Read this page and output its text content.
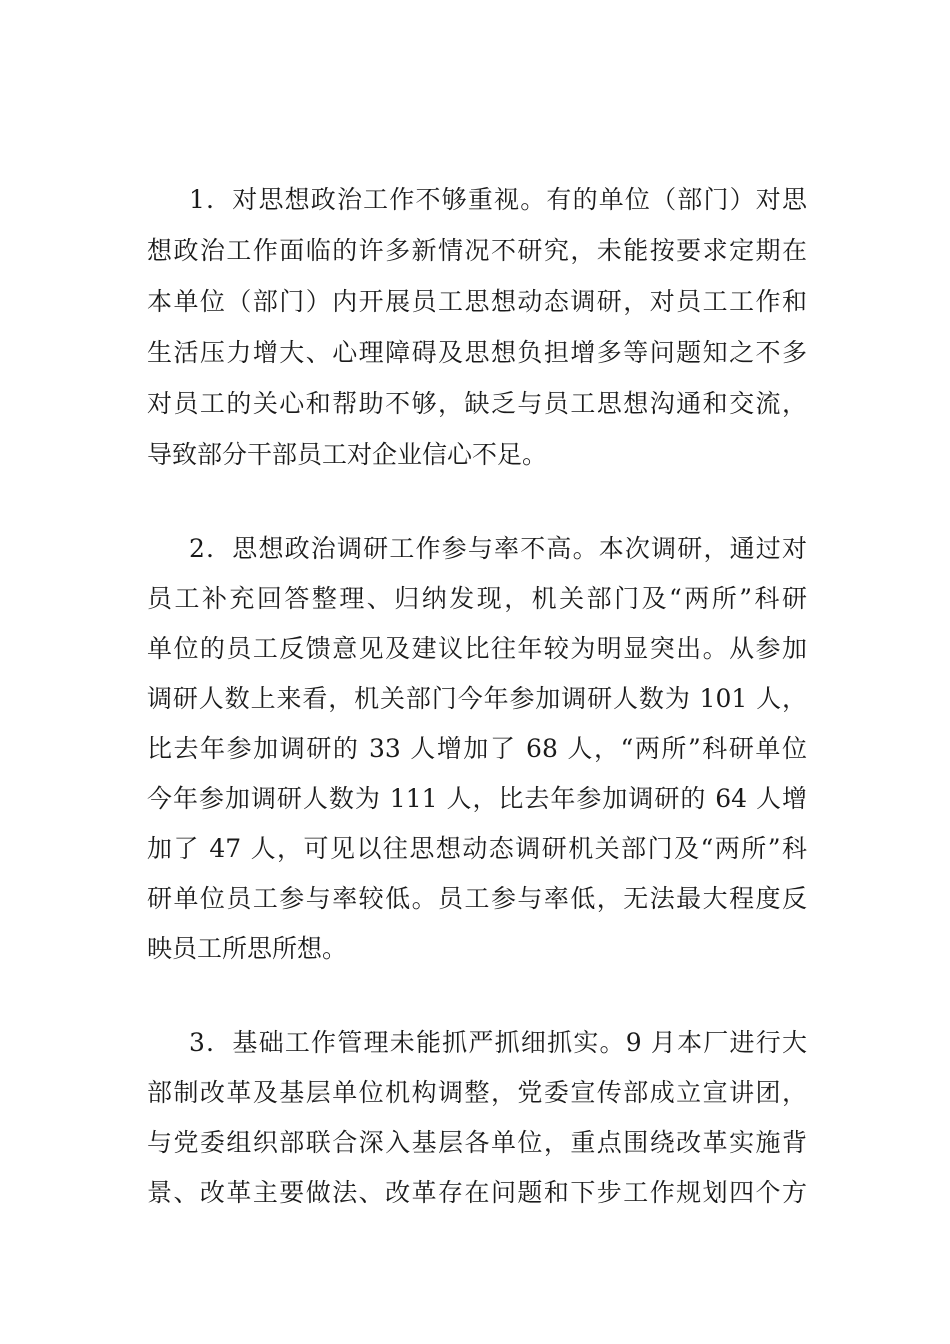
1．对思想政治工作不够重视。有的单位（部门）对思
想政治工作面临的许多新情况不研究，未能按要求定期在
本单位（部门）内开展员工思想动态调研，对员工工作和
生活压力增大、心理障碍及思想负担增多等问题知之不多
对员工的关心和帮助不够，缺乏与员工思想沟通和交流，
导致部分干部员工对企业信心不足。
2．思想政治调研工作参与率不高。本次调研，通过对
员工补充回答整理、归纳发现，机关部门及“两所”科研
单位的员工反馈意见及建议比往年较为明显突出。从参加
调研人数上来看，机关部门今年参加调研人数为 101 人，
比去年参加调研的 33 人增加了 68 人，“两所”科研单位
今年参加调研人数为 111 人，比去年参加调研的 64 人增
加了 47 人，可见以往思想动态调研机关部门及“两所”科
研单位员工参与率较低。员工参与率低，无法最大程度反
映员工所思所想。
3．基础工作管理未能抓严抓细抓实。9 月本厂进行大
部制改革及基层单位机构调整，党委宣传部成立宣讲团，
与党委组织部联合深入基层各单位，重点围绕改革实施背
景、改革主要做法、改革存在问题和下步工作规划四个方
